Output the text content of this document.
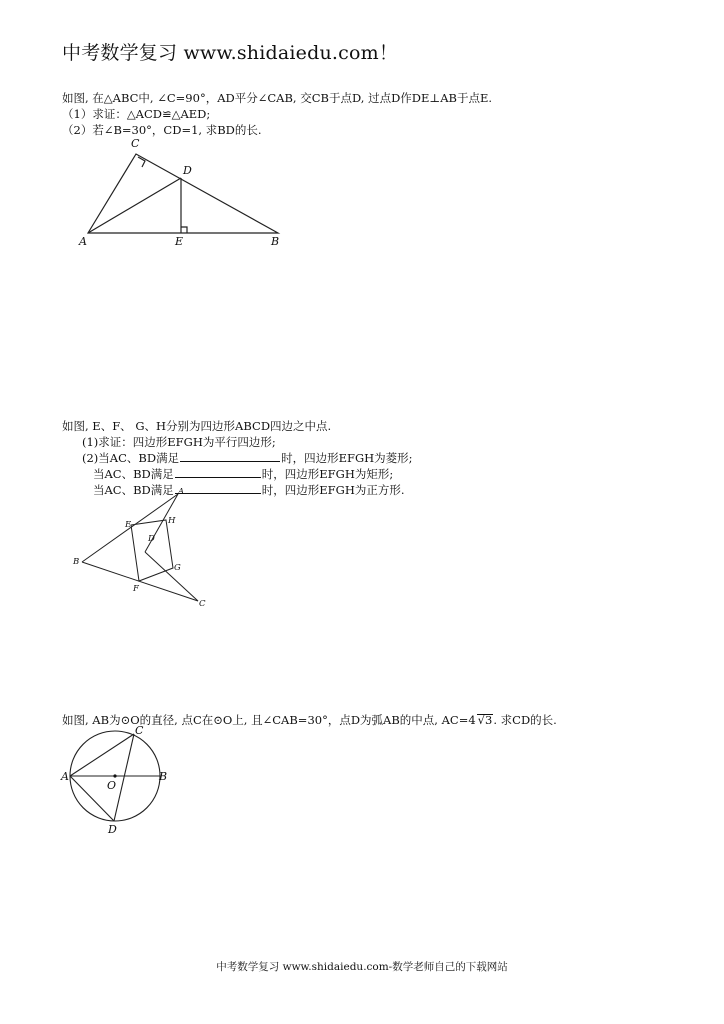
中考数学复习 www.shidaiedu.com！
如图, 在△ABC中, ∠C=90°，AD平分∠CAB, 交CB于点D, 过点D作DE⊥AB于点E.
（1）求证：△ACD≌△AED;
（2）若∠B=30°，CD=1, 求BD的长.
C
D
A	E	B
如图, E、F、 G、H分别为四边形ABCD四边之中点.
(1)求证：四边形EFGH为平行四边形;
(2)当AC、BD满足	时，四边形EFGH为菱形;
当AC、BD满足	时，四边形EFGH为矩形;
当AC、BD满足	时，四边形EFGH为正方形.
A
E	H
D
B
G
F
C
如图, AB为⊙O的直径, 点C在⊙O上, 且∠CAB=30°，点D为弧AB的中点, AC=4 √3. 求CD的长.
C
A	B
O
D
中考数学复习 www.shidaiedu.com-数学老师自己的下载网站
